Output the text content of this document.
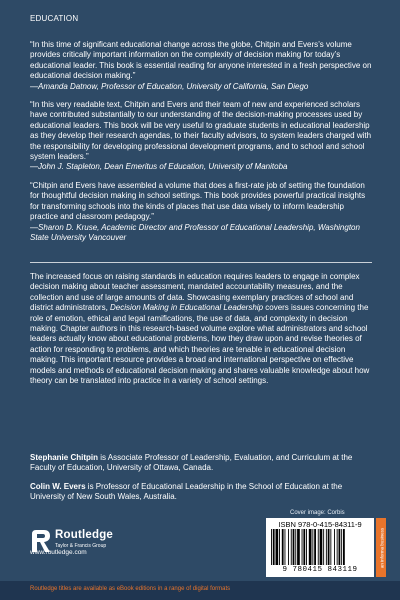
EDUCATION

“In this time of significant educational change across the globe, Chitpin and Evers’s volume provides critically important information on the complexity of decision making for today’s educational leader. This book is essential reading for anyone interested in a fresh perspective on educational decision making.”

—Amanda Datnow, Professor of Education, University of California, San Diego

“In this very readable text, Chitpin and Evers and their team of new and experienced scholars have contributed substantially to our understanding of the decision-making processes used by educational leaders. This book will be very useful to graduate students in educational leadership as they develop their research agendas, to their faculty advisors, to system leaders charged with the responsibility for developing professional development programs, and to school and school system leaders.”

—John J. Stapleton, Dean Emeritus of Education, University of Manitoba

“Chitpin and Evers have assembled a volume that does a first-rate job of setting the foundation for thoughtful decision making in school settings. This book provides powerful practical insights for transforming schools into the kinds of places that use data wisely to inform leadership practice and classroom pedagogy.”

—Sharon D. Kruse, Academic Director and Professor of Educational Leadership, Washington State University Vancouver

The increased focus on raising standards in education requires leaders to engage in complex decision making about teacher assessment, mandated accountability measures, and the collection and use of large amounts of data. Showcasing exemplary practices of school and district administrators, Decision Making in Educational Leadership covers issues concerning the role of emotion, ethical and legal ramifications, the use of data, and complexity in decision making. Chapter authors in this research-based volume explore what administrators and school leaders actually know about educational problems, how they draw upon and revise theories of action for responding to problems, and which theories are tenable in educational decision making. This important resource provides a broad and international perspective on effective models and methods of educational decision making and shares valuable knowledge about how theory can be translated into practice in a variety of school settings.

Stephanie Chitpin is Associate Professor of Leadership, Evaluation, and Curriculum at the Faculty of Education, University of Ottawa, Canada.

Colin W. Evers is Professor of Educational Leadership in the School of Education at the University of New South Wales, Australia.

Cover image: Corbis
Routledge
Taylor & Francis Group
www.routledge.com
ISBN 978-0-415-84311-9
9 780415 843119
an informa business
Routledge titles are available as eBook editions in a range of digital formats
